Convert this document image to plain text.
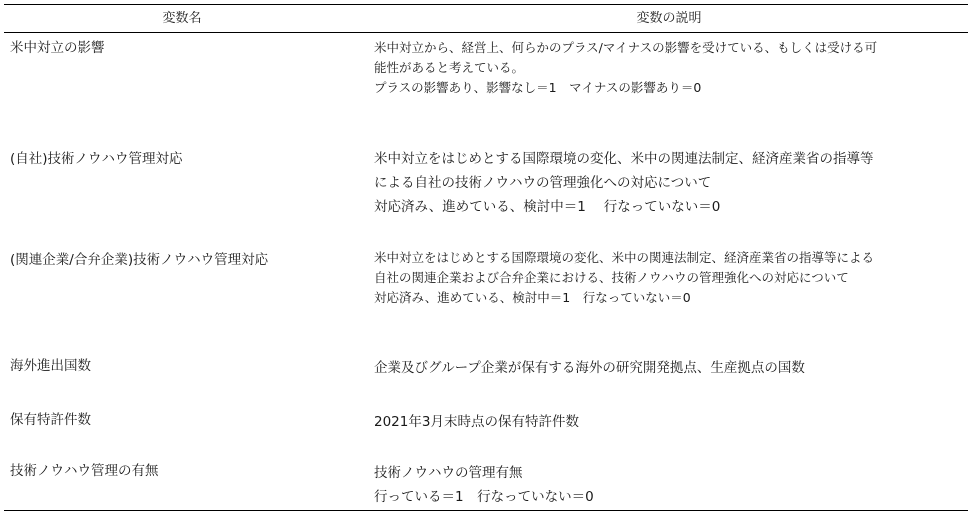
変数名	変数の説明
米中対立の影響	米中対立から、経営上、何らかのプラス/マイナスの影響を受けている、もしくは受ける可
能性があると考えている。
プラスの影響あり、影響なし＝1　マイナスの影響あり＝0
(自社)技術ノウハウ管理対応	米中対立をはじめとする国際環境の変化、米中の関連法制定、経済産業省の指導等
による自社の技術ノウハウの管理強化への対応について
対応済み、進めている、検討中＝1　 行なっていない＝0
(関連企業/合弁企業)技術ノウハウ管理対応	米中対立をはじめとする国際環境の変化、米中の関連法制定、経済産業省の指導等による
自社の関連企業および合弁企業における、技術ノウハウの管理強化への対応について
対応済み、進めている、検討中＝1　行なっていない＝0
海外進出国数	企業及びグループ企業が保有する海外の研究開発拠点、生産拠点の国数
保有特許件数	2021年3月末時点の保有特許件数
技術ノウハウ管理の有無	技術ノウハウの管理有無
行っている＝1　行なっていない＝0
